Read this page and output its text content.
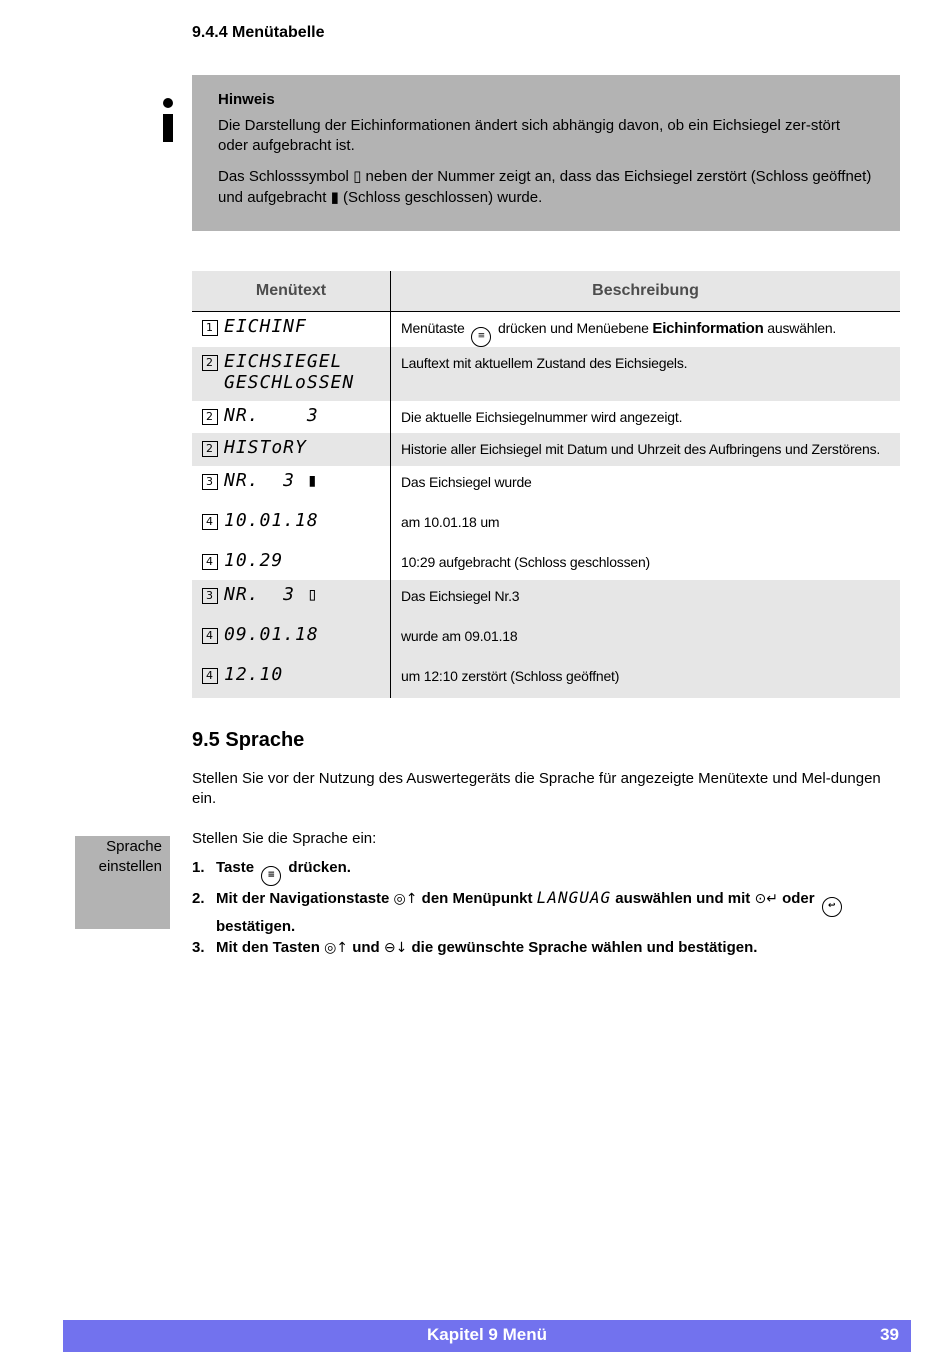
9.4.4 Menütabelle
Hinweis

Die Darstellung der Eichinformationen ändert sich abhängig davon, ob ein Eichsiegel zer-stört oder aufgebracht ist.

Das Schlosssymbol ▯ neben der Nummer zeigt an, dass das Eichsiegel zerstört (Schloss geöffnet) und aufgebracht ▮ (Schloss geschlossen) wurde.

Menütext	Beschreibung
1 EICHINF	Menütaste ≡ drücken und Menüebene Eichinformation auswählen.
2 EICHSIEGEL
GESCHLoSSEN	Lauftext mit aktuellem Zustand des Eichsiegels.
2 NR.    3	Die aktuelle Eichsiegelnummer wird angezeigt.
2 HISToRY	Historie aller Eichsiegel mit Datum und Uhrzeit des Aufbringens und Zerstörens.
3 NR.  3 ▮	Das Eichsiegel wurde
4 10.01.18	am 10.01.18 um
4 10.29	10:29 aufgebracht (Schloss geschlossen)
3 NR.  3 ▯	Das Eichsiegel Nr.3
4 09.01.18	wurde am 09.01.18
4 12.10	um 12:10 zerstört (Schloss geöffnet)
9.5 Sprache
Stellen Sie vor der Nutzung des Auswertegeräts die Sprache für angezeigte Menütexte und Mel-dungen ein.
Sprache
einstellen
Stellen Sie die Sprache ein:
1. Taste ≡ drücken.
2. Mit der Navigationstaste ◎↑ den Menüpunkt LANGUAG auswählen und mit ⊙↵ oder ↩
bestätigen.
3. Mit den Tasten ◎↑ und ⊖↓ die gewünschte Sprache wählen und bestätigen.
Kapitel 9 Menü	39
